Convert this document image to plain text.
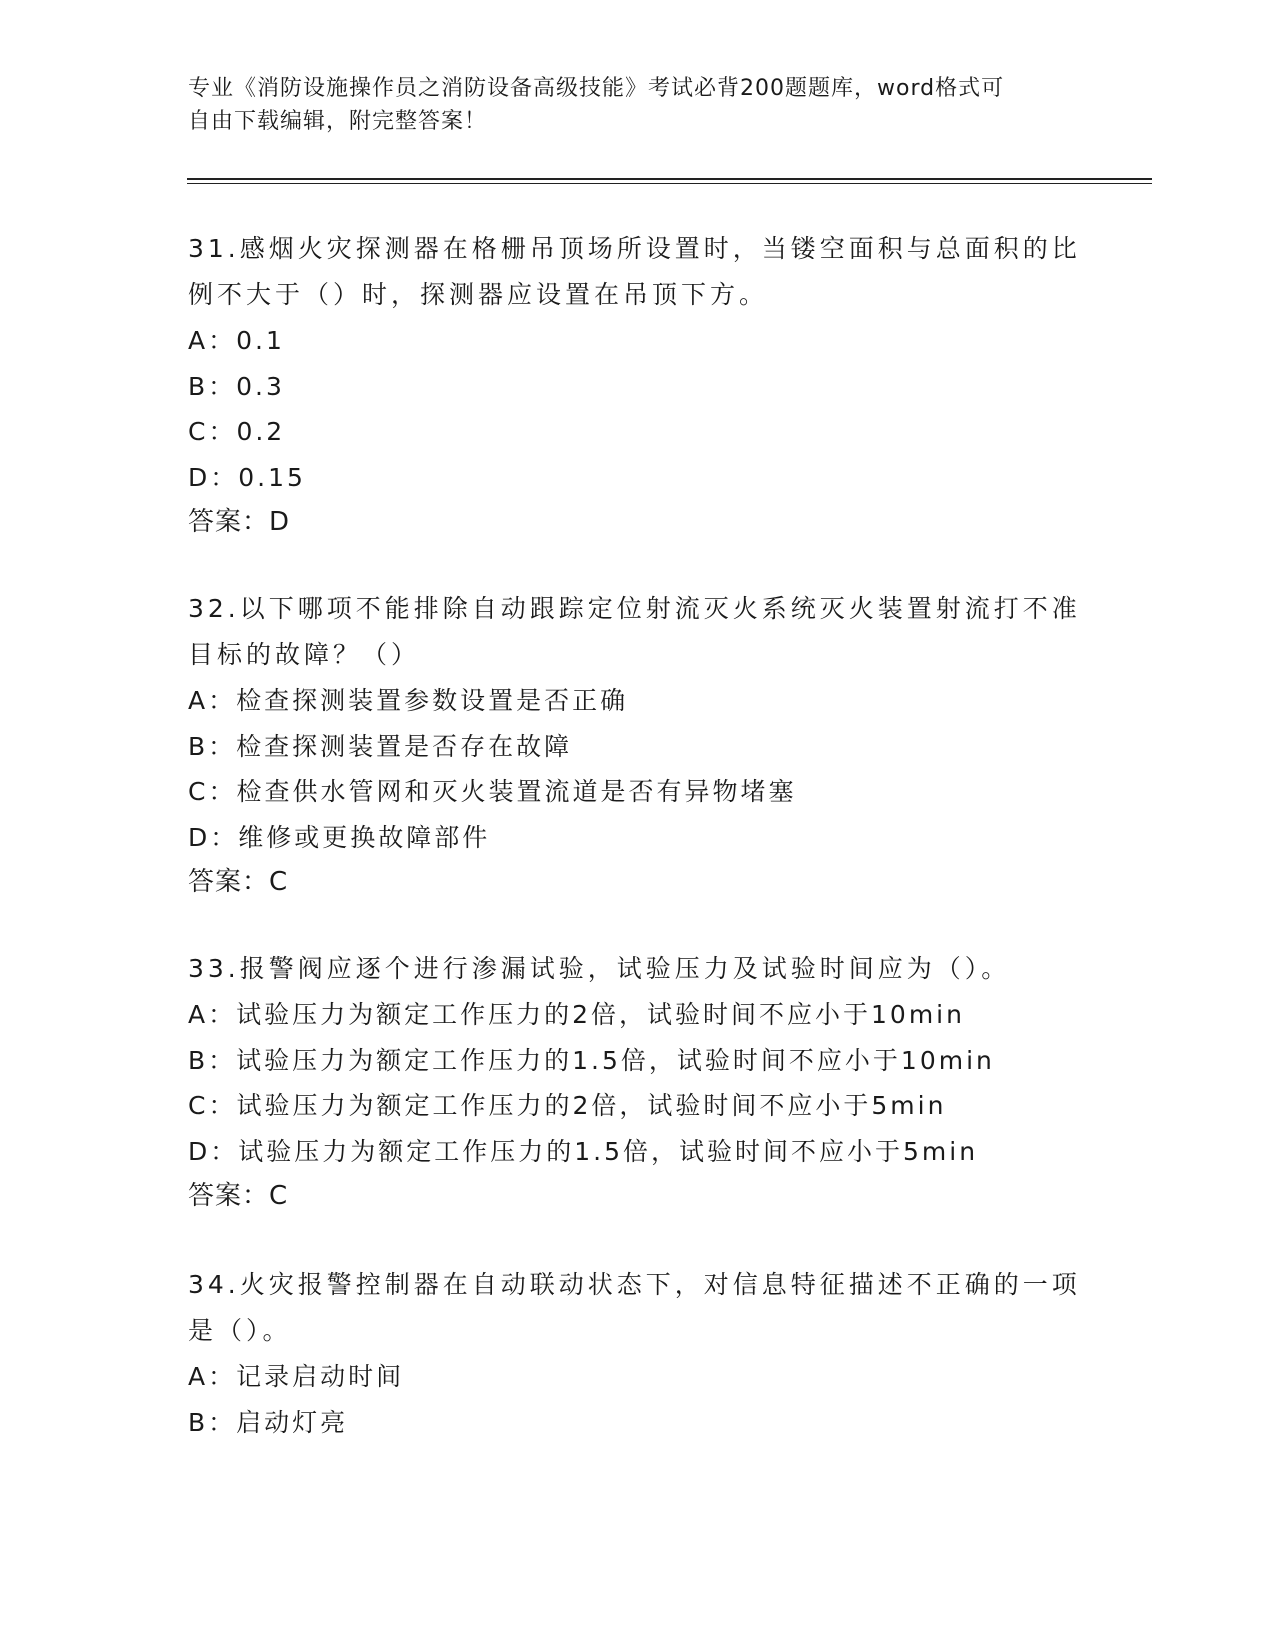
专业《消防设施操作员之消防设备高级技能》考试必背200题题库，word格式可
自由下载编辑，附完整答案！
31.感烟火灾探测器在格栅吊顶场所设置时，当镂空面积与总面积的比
例不大于（）时，探测器应设置在吊顶下方。
A：0.1
B：0.3
C：0.2
D：0.15
答案：D
32.以下哪项不能排除自动跟踪定位射流灭火系统灭火装置射流打不准
目标的故障？（）
A：检查探测装置参数设置是否正确
B：检查探测装置是否存在故障
C：检查供水管网和灭火装置流道是否有异物堵塞
D：维修或更换故障部件
答案：C
33.报警阀应逐个进行渗漏试验，试验压力及试验时间应为（）。
A：试验压力为额定工作压力的2倍，试验时间不应小于10min
B：试验压力为额定工作压力的1.5倍，试验时间不应小于10min
C：试验压力为额定工作压力的2倍，试验时间不应小于5min
D：试验压力为额定工作压力的1.5倍，试验时间不应小于5min
答案：C
34.火灾报警控制器在自动联动状态下，对信息特征描述不正确的一项
是（）。
A：记录启动时间
B：启动灯亮
